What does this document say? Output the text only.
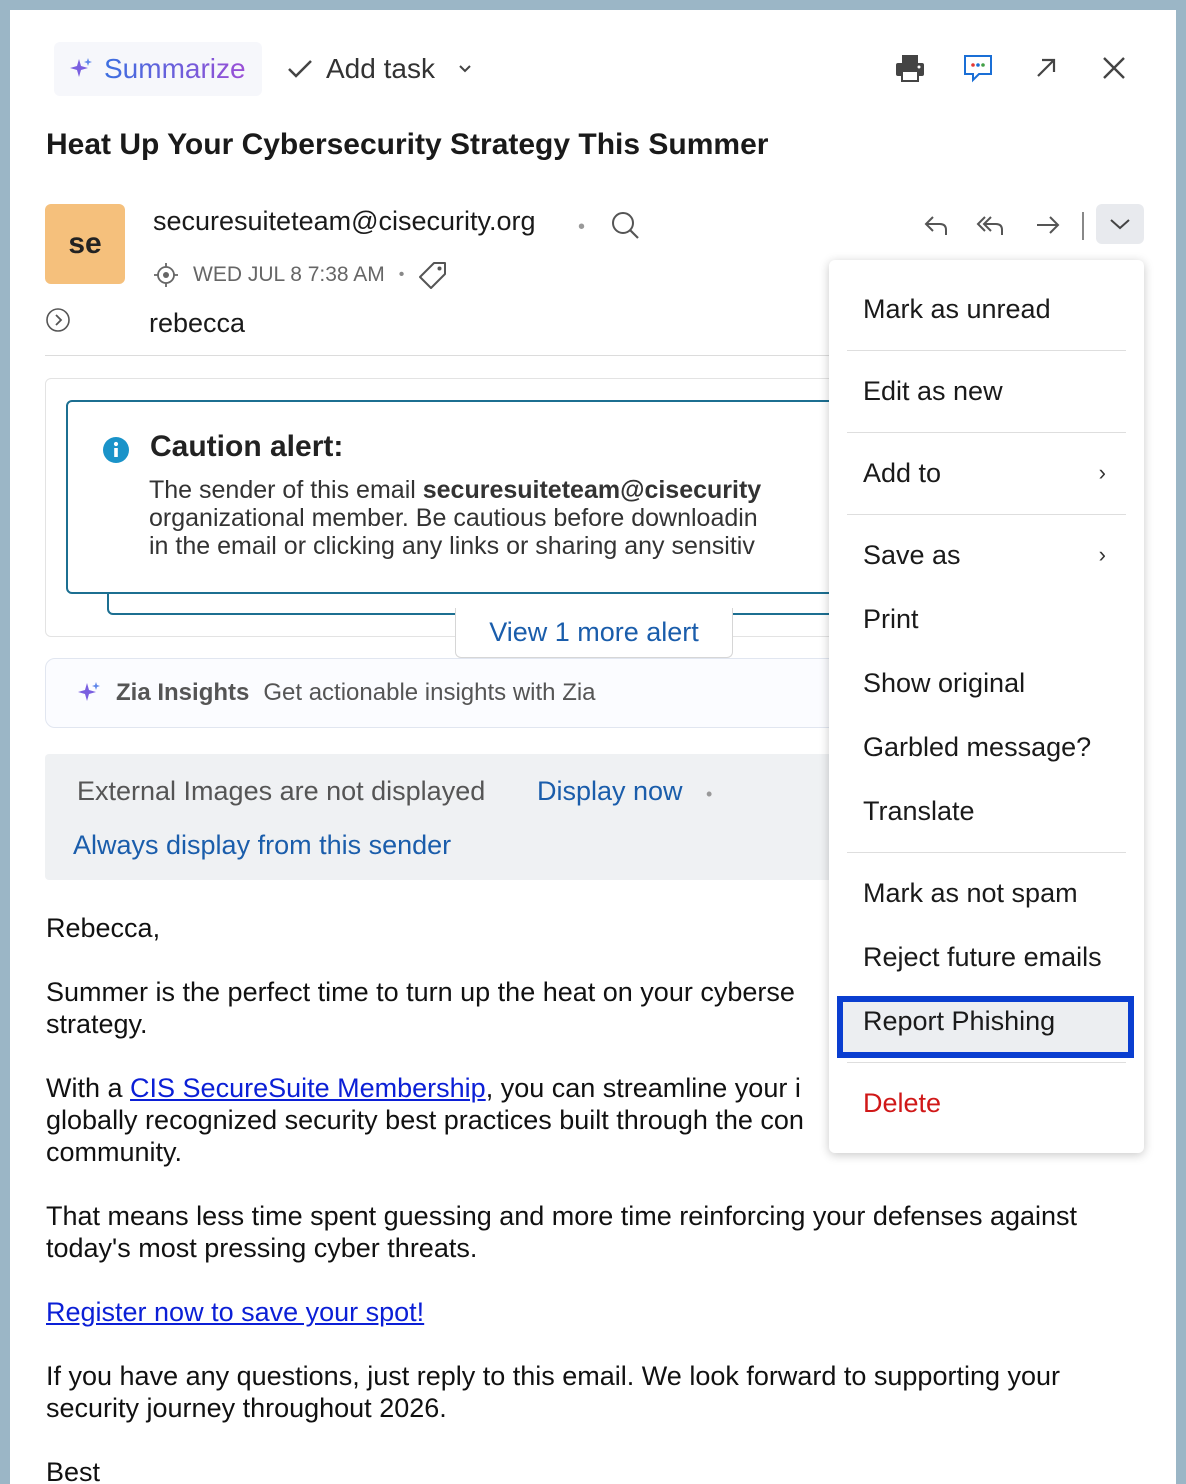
Summarize	Add task
Heat Up Your Cybersecurity Strategy This Summer
se
securesuiteteam@cisecurity.org •
WED JUL 8 7:38 AM •
rebecca
Caution alert:
The sender of this email securesuiteteam@cisecurity
organizational member. Be cautious before downloadin
in the email or clicking any links or sharing any sensitiv
View 1 more alert
Zia Insights Get actionable insights with Zia
External Images are not displayed Display now •
Always display from this sender
Rebecca,
Summer is the perfect time to turn up the heat on your cyberse
strategy.
With a CIS SecureSuite Membership, you can streamline your i
globally recognized security best practices built through the con
community.
That means less time spent guessing and more time reinforcing your defenses against
today's most pressing cyber threats.
Register now to save your spot!
If you have any questions, just reply to this email. We look forward to supporting your
security journey throughout 2026.
Best
Mark as unread
Edit as new
Add to	›
Save as	›
Print
Show original
Garbled message?
Translate
Mark as not spam
Reject future emails
Report Phishing
Delete
